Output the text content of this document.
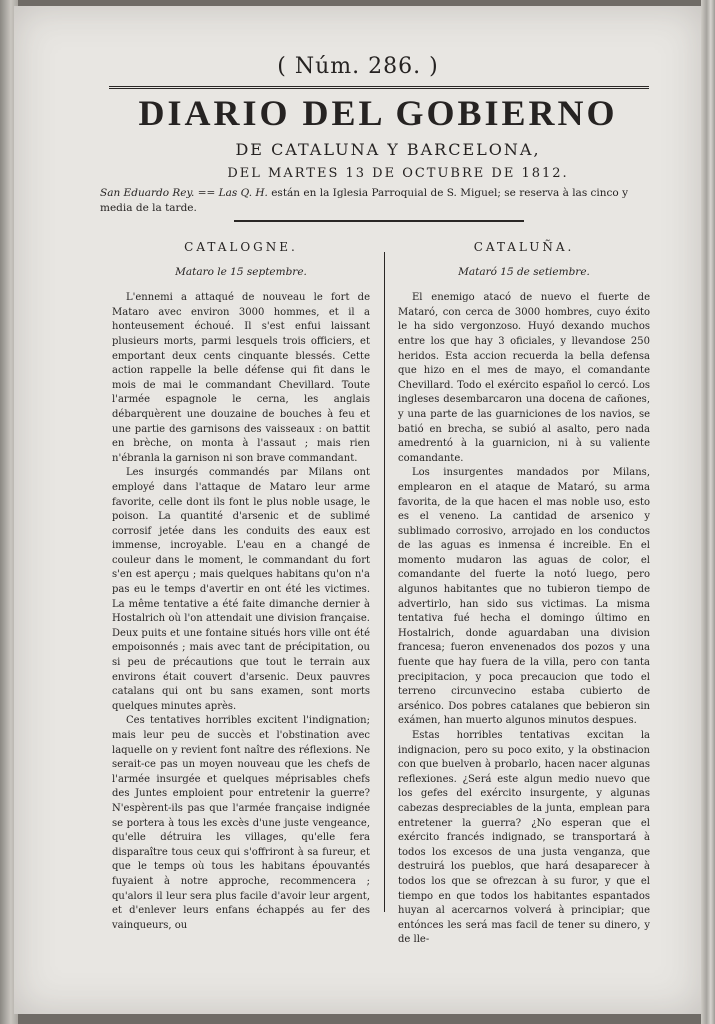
( Núm. 286. )
DIARIO DEL GOBIERNO
DE CATALUNA Y BARCELONA,
DEL MARTES 13 DE OCTUBRE DE 1812.
San Eduardo Rey. == Las Q. H. están en la Iglesia Parroquial de S. Miguel; se reserva à las cinco y media de la tarde.
CATALOGNE.
Mataro le 15 septembre.

L'ennemi a attaqué de nouveau le fort de Mataro avec environ 3000 hommes, et il a honteusement échoué. Il s'est enfui laissant plusieurs morts, parmi lesquels trois officiers, et emportant deux cents cinquante blessés. Cette action rappelle la belle défense qui fit dans le mois de mai le commandant Chevillard. Toute l'armée espagnole le cerna, les anglais débarquèrent une douzaine de bouches à feu et une partie des garnisons des vaisseaux : on battit en brèche, on monta à l'assaut ; mais rien n'ébranla la garnison ni son brave commandant.

Les insurgés commandés par Milans ont employé dans l'attaque de Mataro leur arme favorite, celle dont ils font le plus noble usage, le poison. La quantité d'arsenic et de sublimé corrosif jetée dans les conduits des eaux est immense, incroyable. L'eau en a changé de couleur dans le moment, le commandant du fort s'en est aperçu ; mais quelques habitans qu'on n'a pas eu le temps d'avertir en ont été les victimes. La même tentative a été faite dimanche dernier à Hostalrich où l'on attendait une division française. Deux puits et une fontaine situés hors ville ont été empoisonnés ; mais avec tant de précipitation, ou si peu de précautions que tout le terrain aux environs était couvert d'arsenic. Deux pauvres catalans qui ont bu sans examen, sont morts quelques minutes après.

Ces tentatives horribles excitent l'indignation; mais leur peu de succès et l'obstination avec laquelle on y revient font naître des réflexions. Ne serait-ce pas un moyen nouveau que les chefs de l'armée insurgée et quelques méprisables chefs des Juntes emploient pour entretenir la guerre? N'espèrent-ils pas que l'armée française indignée se portera à tous les excès d'une juste vengeance, qu'elle détruira les villages, qu'elle fera disparaître tous ceux qui s'offriront à sa fureur, et que le temps où tous les habitans épouvantés fuyaient à notre approche, recommencera ; qu'alors il leur sera plus facile d'avoir leur argent, et d'enlever leurs enfans échappés au fer des vainqueurs, ou

CATALUÑA.
Mataró 15 de setiembre.

El enemigo atacó de nuevo el fuerte de Mataró, con cerca de 3000 hombres, cuyo éxito le ha sido vergonzoso. Huyó dexando muchos entre los que hay 3 oficiales, y llevandose 250 heridos. Esta accion recuerda la bella defensa que hizo en el mes de mayo, el comandante Chevillard. Todo el exército español lo cercó. Los ingleses desembarcaron una docena de cañones, y una parte de las guarniciones de los navios, se batió en brecha, se subió al asalto, pero nada amedrentó à la guarnicion, ni à su valiente comandante.

Los insurgentes mandados por Milans, emplearon en el ataque de Mataró, su arma favorita, de la que hacen el mas noble uso, esto es el veneno. La cantidad de arsenico y sublimado corrosivo, arrojado en los conductos de las aguas es inmensa é increible. En el momento mudaron las aguas de color, el comandante del fuerte la notó luego, pero algunos habitantes que no tubieron tiempo de advertirlo, han sido sus victimas. La misma tentativa fué hecha el domingo último en Hostalrich, donde aguardaban una division francesa; fueron envenenados dos pozos y una fuente que hay fuera de la villa, pero con tanta precipitacion, y poca precaucion que todo el terreno circunvecino estaba cubierto de arsénico. Dos pobres catalanes que bebieron sin exámen, han muerto algunos minutos despues.

Estas horribles tentativas excitan la indignacion, pero su poco exito, y la obstinacion con que buelven à probarlo, hacen nacer algunas reflexiones. ¿Será este algun medio nuevo que los gefes del exército insurgente, y algunas cabezas despreciables de la junta, emplean para entretener la guerra? ¿No esperan que el exército francés indignado, se transportará à todos los excesos de una justa venganza, que destruirá los pueblos, que hará desaparecer à todos los que se ofrezcan à su furor, y que el tiempo en que todos los habitantes espantados huyan al acercarnos volverá à principiar; que entónces les será mas facil de tener su dinero, y de lle-
